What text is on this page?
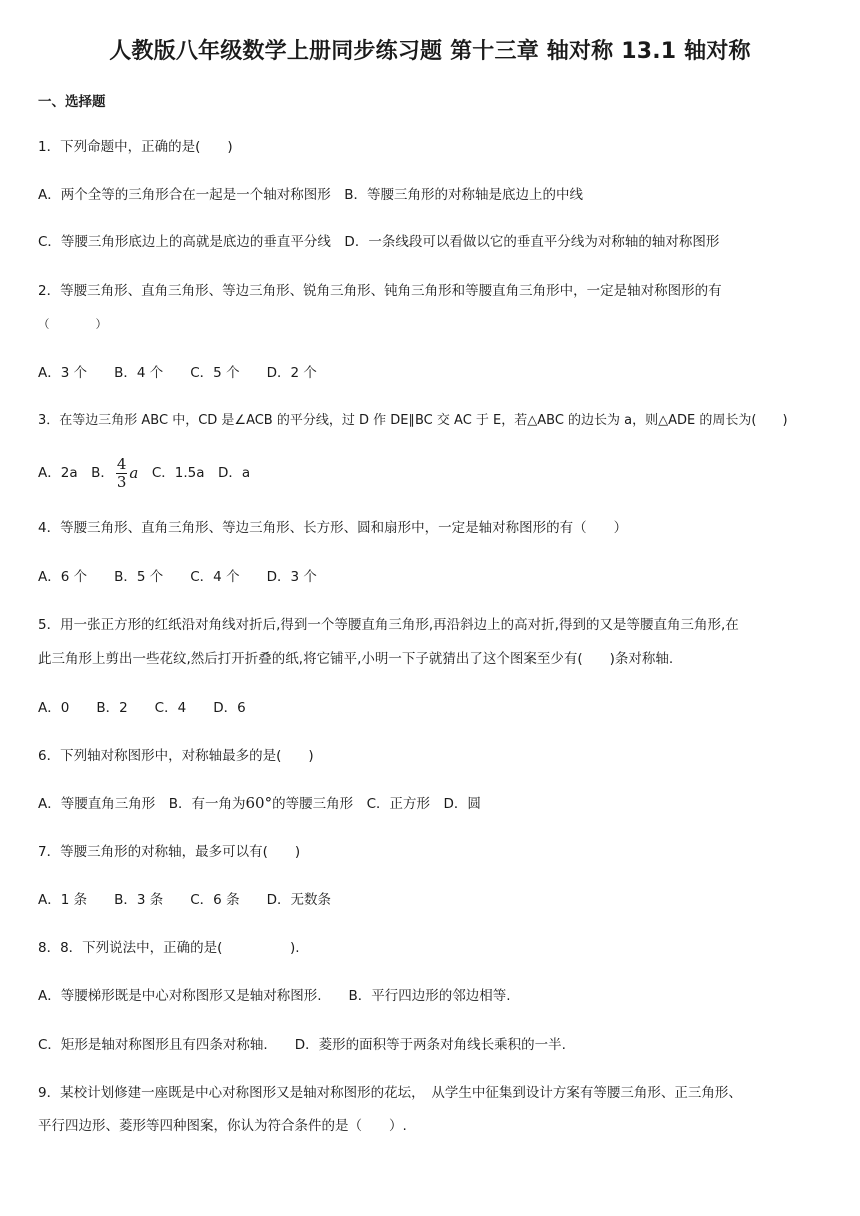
人教版八年级数学上册同步练习题 第十三章 轴对称 13.1 轴对称
一、选择题
1．下列命题中，正确的是(　　)
A．两个全等的三角形合在一起是一个轴对称图形　B．等腰三角形的对称轴是底边上的中线
C．等腰三角形底边上的高就是底边的垂直平分线　D．一条线段可以看做以它的垂直平分线为对称轴的轴对称图形
2．等腰三角形、直角三角形、等边三角形、锐角三角形、钝角三角形和等腰直角三角形中，一定是轴对称图形的有
（　　　　）
A．3 个　　B．4 个　　C．5 个　　D．2 个
3．在等边三角形 ABC 中，CD 是∠ACB 的平分线，过 D 作 DE∥BC 交 AC 于 E，若△ABC 的边长为 a，则△ADE 的周长为(　　)
A．2a　B． $\frac{4}{3}$ a　C．1.5a　D．a
4．等腰三角形、直角三角形、等边三角形、长方形、圆和扇形中，一定是轴对称图形的有（　　）
A．6 个　　B．5 个　　C．4 个　　D．3 个
5．用一张正方形的红纸沿对角线对折后,得到一个等腰直角三角形,再沿斜边上的高对折,得到的又是等腰直角三角形,在
此三角形上剪出一些花纹,然后打开折叠的纸,将它铺平,小明一下子就猜出了这个图案至少有(　　)条对称轴.
A．0　　B．2　　C．4　　D．6
6．下列轴对称图形中，对称轴最多的是(　　)
A．等腰直角三角形　B．有一角为60°的等腰三角形　C．正方形　D．圆
7．等腰三角形的对称轴，最多可以有(　　)
A．1 条　　B．3 条　　C．6 条　　D．无数条
8．8．下列说法中，正确的是(　　　　　).
A．等腰梯形既是中心对称图形又是轴对称图形.　　B．平行四边形的邻边相等.
C．矩形是轴对称图形且有四条对称轴.　　D．菱形的面积等于两条对角线长乘积的一半.
9．某校计划修建一座既是中心对称图形又是轴对称图形的花坛，　从学生中征集到设计方案有等腰三角形、正三角形、
平行四边形、菱形等四种图案，你认为符合条件的是（　　）.
